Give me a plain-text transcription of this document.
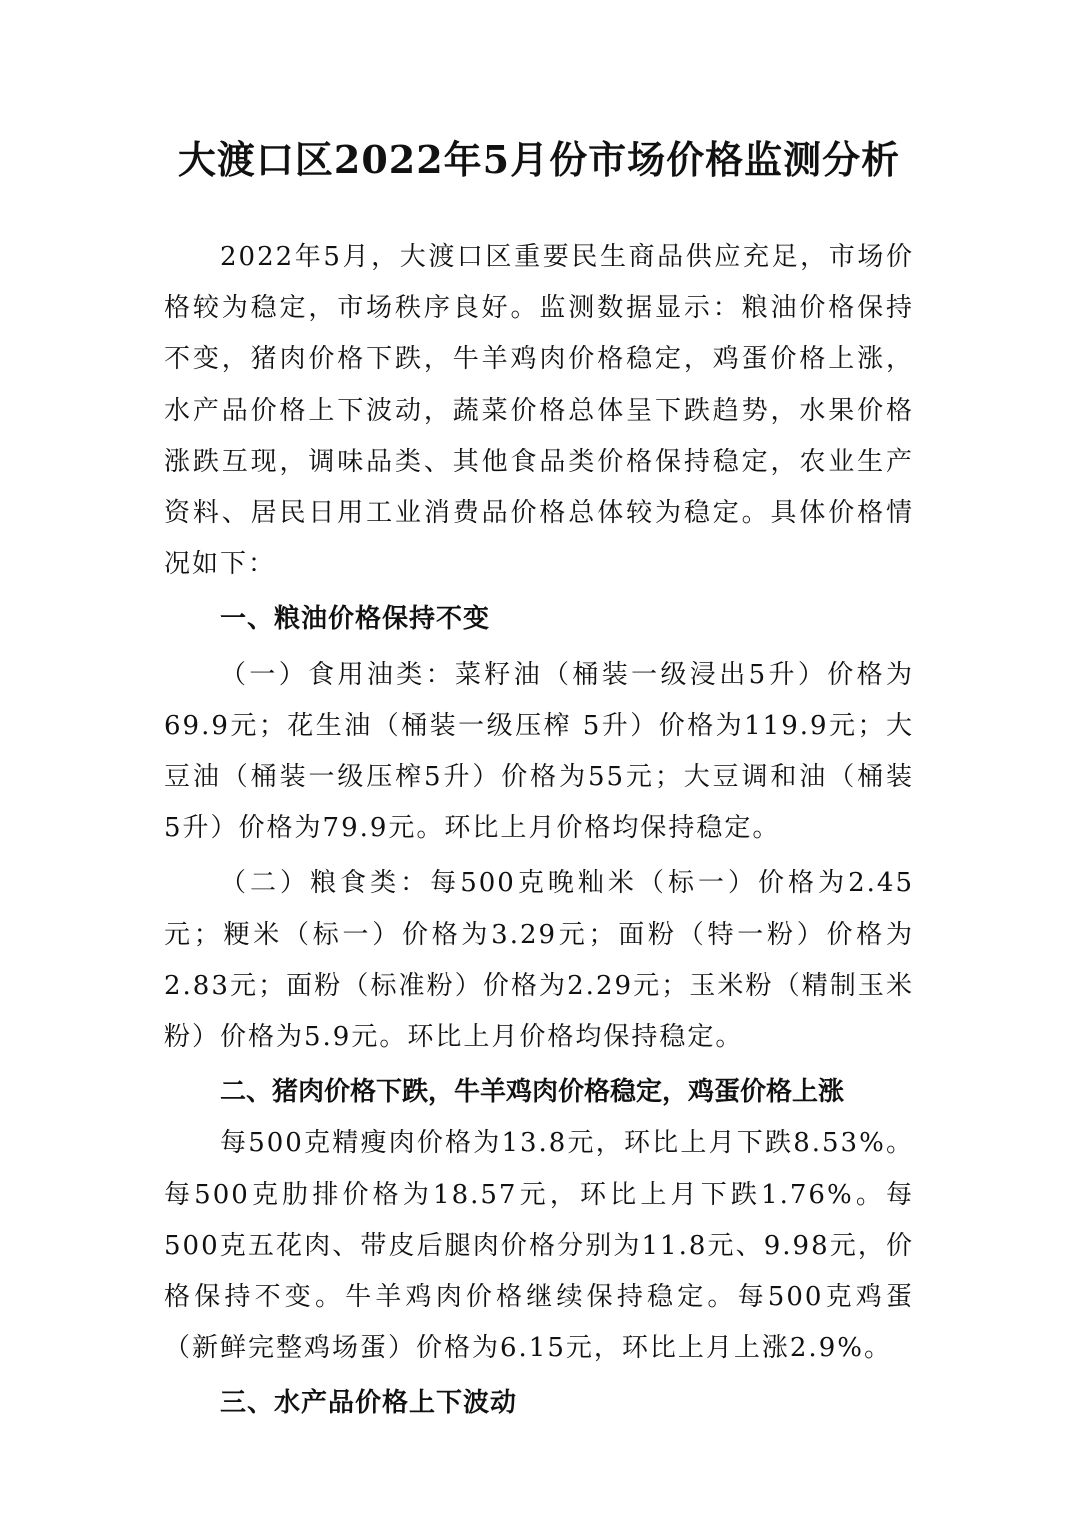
大渡口区2022年5月份市场价格监测分析

2022年5月，大渡口区重要民生商品供应充足，市场价格较为稳定，市场秩序良好。监测数据显示：粮油价格保持不变，猪肉价格下跌，牛羊鸡肉价格稳定，鸡蛋价格上涨，水产品价格上下波动，蔬菜价格总体呈下跌趋势，水果价格涨跌互现，调味品类、其他食品类价格保持稳定，农业生产资料、居民日用工业消费品价格总体较为稳定。具体价格情况如下：

一、粮油价格保持不变

（一）食用油类：菜籽油（桶装一级浸出5升）价格为69.9元；花生油（桶装一级压榨 5升）价格为119.9元；大豆油（桶装一级压榨5升）价格为55元；大豆调和油（桶装 5升）价格为79.9元。环比上月价格均保持稳定。

（二）粮食类：每500克晚籼米（标一）价格为2.45元；粳米（标一）价格为3.29元；面粉（特一粉）价格为2.83元；面粉（标准粉）价格为2.29元；玉米粉（精制玉米粉）价格为5.9元。环比上月价格均保持稳定。

二、猪肉价格下跌，牛羊鸡肉价格稳定，鸡蛋价格上涨

每500克精瘦肉价格为13.8元，环比上月下跌8.53%。每500克肋排价格为18.57元，环比上月下跌1.76%。每500克五花肉、带皮后腿肉价格分别为11.8元、9.98元，价格保持不变。牛羊鸡肉价格继续保持稳定。每500克鸡蛋（新鲜完整鸡场蛋）价格为6.15元，环比上月上涨2.9%。

三、水产品价格上下波动
